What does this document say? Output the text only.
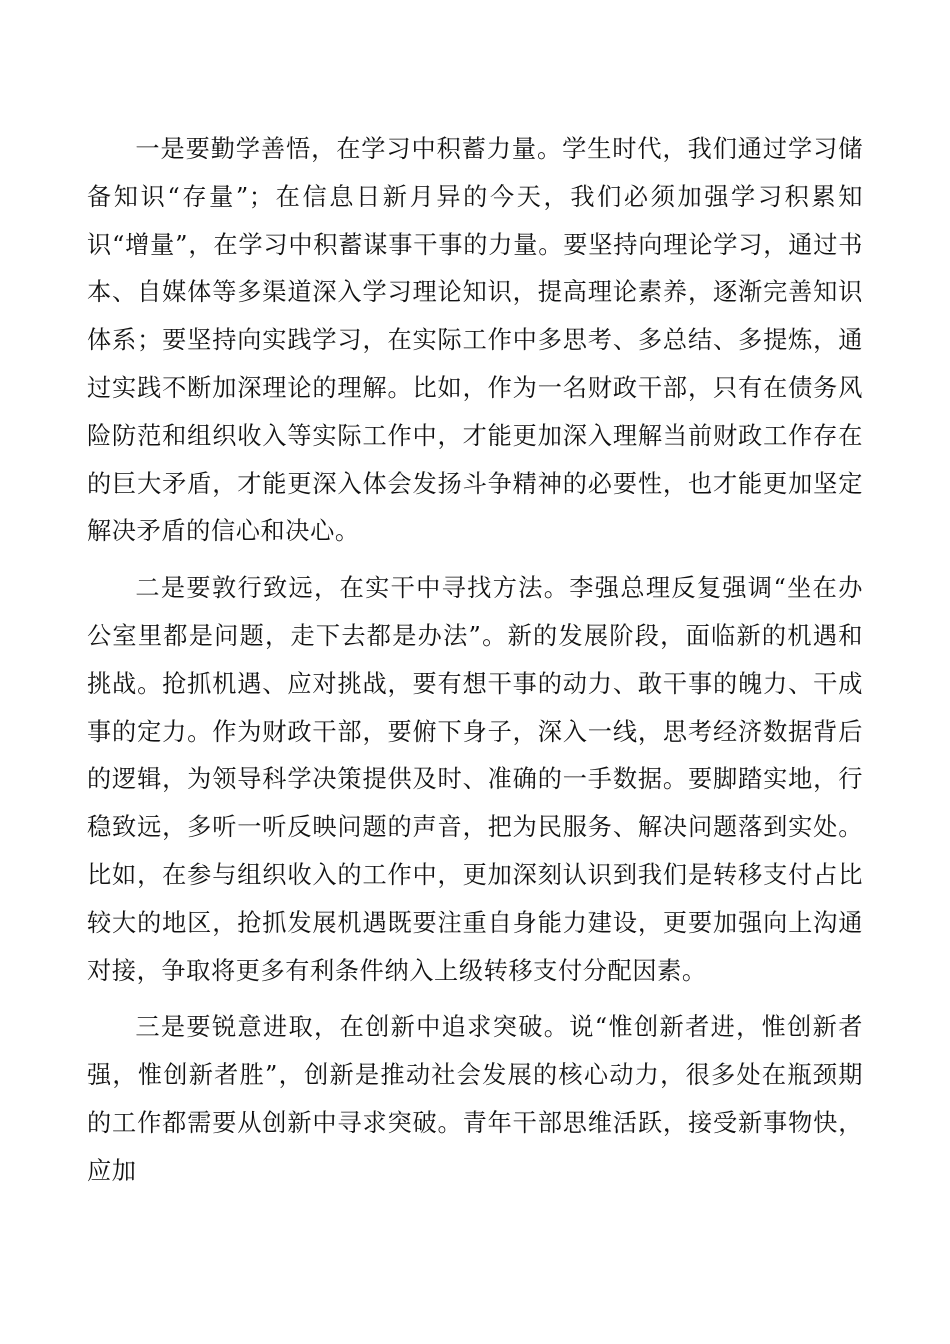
一是要勤学善悟，在学习中积蓄力量。学生时代，我们通过学习储备知识“存量”；在信息日新月异的今天，我们必须加强学习积累知识“增量”，在学习中积蓄谋事干事的力量。要坚持向理论学习，通过书本、自媒体等多渠道深入学习理论知识，提高理论素养，逐渐完善知识体系；要坚持向实践学习，在实际工作中多思考、多总结、多提炼，通过实践不断加深理论的理解。比如，作为一名财政干部，只有在债务风险防范和组织收入等实际工作中，才能更加深入理解当前财政工作存在的巨大矛盾，才能更深入体会发扬斗争精神的必要性，也才能更加坚定解决矛盾的信心和决心。

二是要敦行致远，在实干中寻找方法。李强总理反复强调“坐在办公室里都是问题，走下去都是办法”。新的发展阶段，面临新的机遇和挑战。抢抓机遇、应对挑战，要有想干事的动力、敢干事的魄力、干成事的定力。作为财政干部，要俯下身子，深入一线，思考经济数据背后的逻辑，为领导科学决策提供及时、准确的一手数据。要脚踏实地，行稳致远，多听一听反映问题的声音，把为民服务、解决问题落到实处。比如，在参与组织收入的工作中，更加深刻认识到我们是转移支付占比较大的地区，抢抓发展机遇既要注重自身能力建设，更要加强向上沟通对接，争取将更多有利条件纳入上级转移支付分配因素。

三是要锐意进取，在创新中追求突破。说“惟创新者进，惟创新者强，惟创新者胜”，创新是推动社会发展的核心动力，很多处在瓶颈期的工作都需要从创新中寻求突破。青年干部思维活跃，接受新事物快，应加
